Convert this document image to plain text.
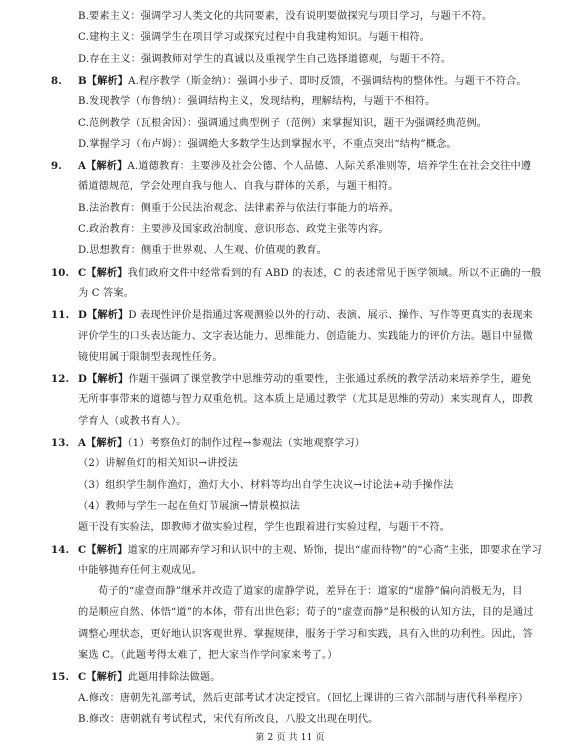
B.要素主义：强调学习人类文化的共同要素，没有说明要做探究与项目学习，与题干不符。
C.建构主义：强调学生在项目学习或探究过程中自我建构知识。与题干相符。
D.存在主义：强调教师对学生的真诚以及重视学生自己选择道德观，与题干不符。
8. B【解析】A.程序教学（斯金纳）：强调小步子、即时反馈，不强调结构的整体性。与题干不符合。
B.发现教学（布鲁纳）：强调结构主义，发现结构，理解结构，与题干不相符。
C.范例教学（瓦根舍因）：强调通过典型例子（范例）来掌握知识，题干为强调经典范例。
D.掌握学习（布卢姆）：强调绝大多数学生达到掌握水平，不重点突出“结构”概念。
9. A【解析】A.道德教育：主要涉及社会公德、个人品德、人际关系准则等，培养学生在社会交往中遵
循道德规范，学会处理自我与他人、自我与群体的关系，与题干相符。
B.法治教育：侧重于公民法治观念、法律素养与依法行事能力的培养。
C.政治教育：主要涉及国家政治制度、意识形态、政党主张等内容。
D.思想教育：侧重于世界观、人生观、价值观的教育。
10. C【解析】我们政府文件中经常看到的有 ABD 的表述，C 的表述常见于医学领域。所以不正确的一般
为 C 答案。
11. D【解析】D 表现性评价是指通过客观测验以外的行动、表演、展示、操作、写作等更真实的表现来
评价学生的口头表达能力、文字表达能力、思维能力、创造能力、实践能力的评价方法。题目中显微
镜使用属于限制型表现性任务。
12. D【解析】作题干强调了课堂教学中思维劳动的重要性，主张通过系统的教学活动来培养学生，避免
无所事事带来的道德与智力双重危机。这本质上是通过教学（尤其是思维的劳动）来实现育人，即教
学育人（或教书育人）。
13. A【解析】（1）考察鱼灯的制作过程→参观法（实地观察学习）
（2）讲解鱼灯的相关知识→讲授法
（3）组织学生制作渔灯，渔灯大小、材料等均出自学生决议→讨论法+动手操作法
（4）教师与学生一起在鱼灯节展演→情景模拟法
题干没有实验法，即教师才做实验过程，学生也跟着进行实验过程，与题干不符。
14. C【解析】道家的庄周鄙弃学习和认识中的主观、矫饰，提出“虚而待物”的“心斋”主张，即要求在学习
中能够抛弃任何主观成见。
荀子的“虚壹而静”继承并改造了道家的虚静学说，差异在于：道家的“虚静”偏向消极无为，目
的是顺应自然、体悟“道”的本体，带有出世色彩；荀子的“虚壹而静”是积极的认知方法，目的是通过
调整心理状态，更好地认识客观世界、掌握规律，服务于学习和实践，具有入世的功利性。因此，答
案选 C。（此题考得太难了，把大家当作学问家来考了。）
15. C【解析】此题用排除法做题。
A.修改：唐朝先礼部考试，然后吏部考试才决定授官。（回忆上课讲的三省六部制与唐代科举程序）
B.修改：唐朝就有考试程式，宋代有所改良，八股文出现在明代。
第 2 页 共 11 页
